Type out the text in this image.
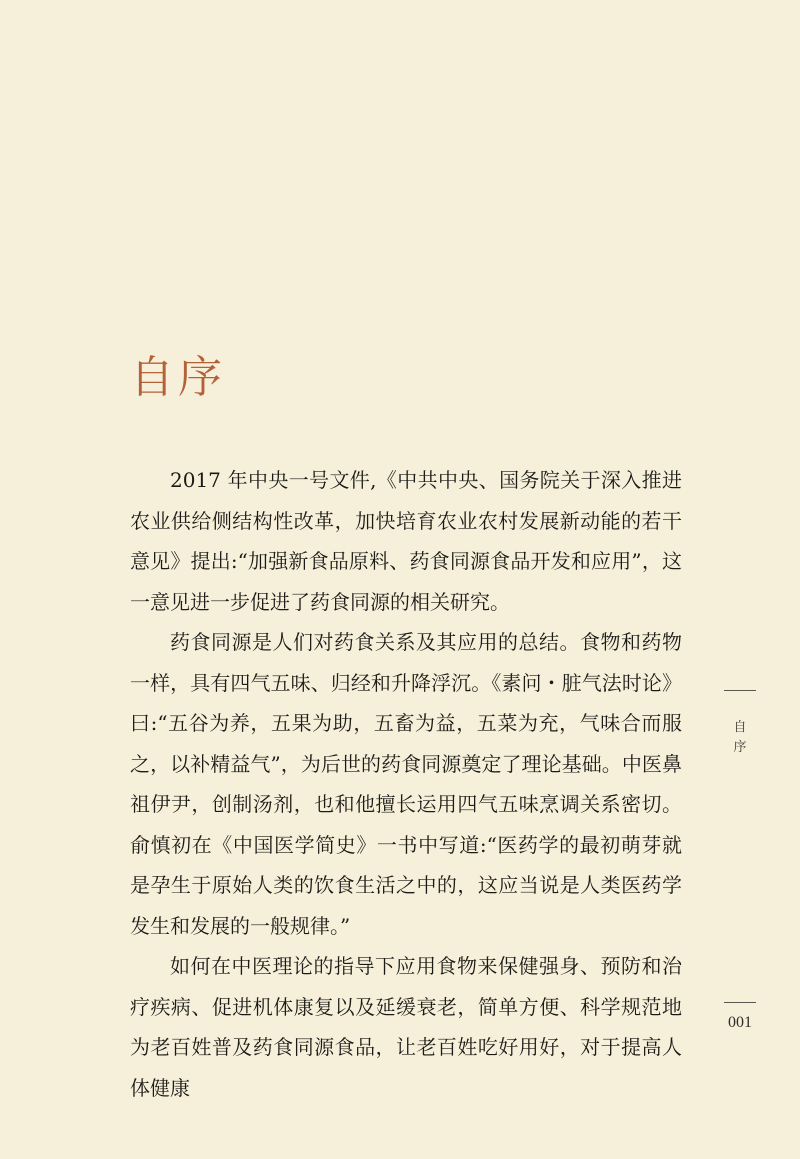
自序

2017 年中央一号文件,《中共中央、国务院关于深入推进农业供给侧结构性改革，加快培育农业农村发展新动能的若干意见》提出:“加强新食品原料、药食同源食品开发和应用”，这一意见进一步促进了药食同源的相关研究。

药食同源是人们对药食关系及其应用的总结。食物和药物一样，具有四气五味、归经和升降浮沉。《素问・脏气法时论》曰:“五谷为养，五果为助，五畜为益，五菜为充，气味合而服之，以补精益气”，为后世的药食同源奠定了理论基础。中医鼻祖伊尹，创制汤剂，也和他擅长运用四气五味烹调关系密切。俞慎初在《中国医学简史》一书中写道:“医药学的最初萌芽就是孕生于原始人类的饮食生活之中的，这应当说是人类医药学发生和发展的一般规律。”

如何在中医理论的指导下应用食物来保健强身、预防和治疗疾病、促进机体康复以及延缓衰老，简单方便、科学规范地为老百姓普及药食同源食品，让老百姓吃好用好，对于提高人体健康

自序
001
